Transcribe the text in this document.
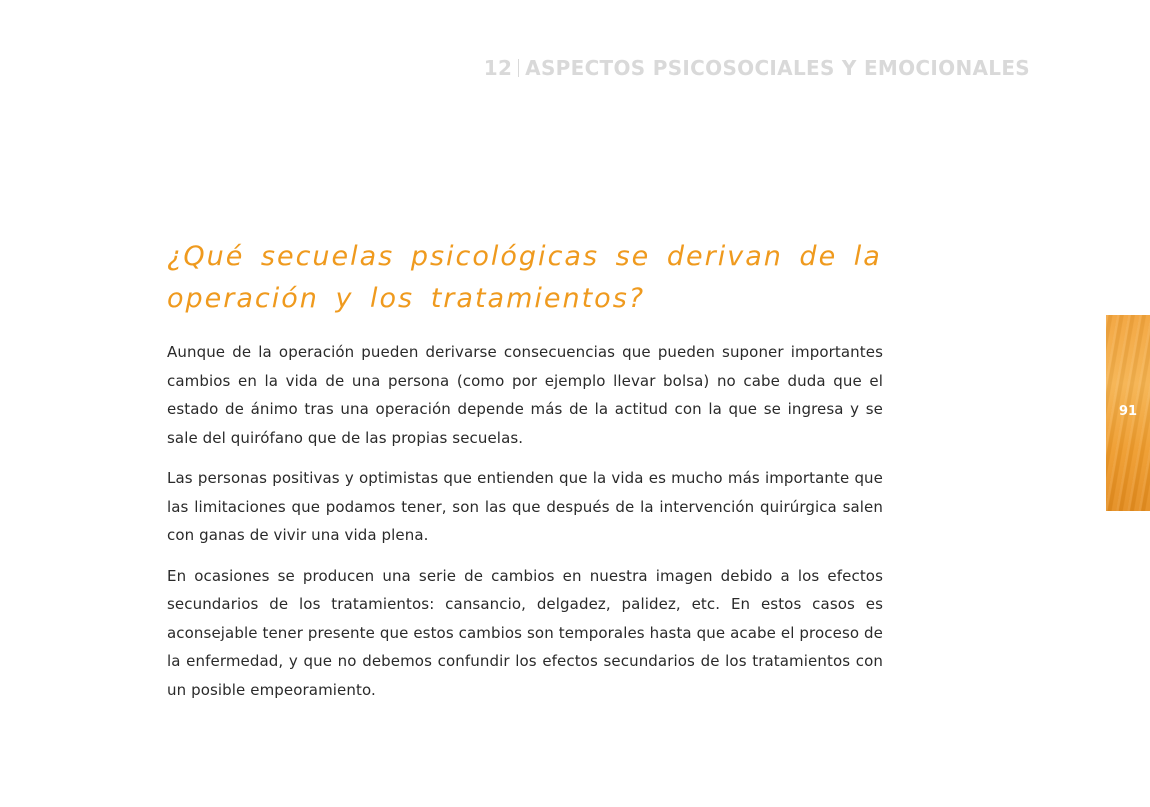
12 ASPECTOS PSICOSOCIALES Y EMOCIONALES
¿Qué secuelas psicológicas se derivan de la
operación y los tratamientos?

Aunque de la operación pueden derivarse consecuencias que pueden suponer importantes cambios en la vida de una persona (como por ejemplo llevar bolsa) no cabe duda que el estado de ánimo tras una operación depende más de la actitud con la que se ingresa y se sale del quirófano que de las propias secuelas.

Las personas positivas y optimistas que entienden que la vida es mucho más importante que las limitaciones que podamos tener, son las que después de la intervención quirúrgica salen con ganas de vivir una vida plena.

En ocasiones se producen una serie de cambios en nuestra imagen debido a los efectos secundarios de los tratamientos: cansancio, delgadez, palidez, etc. En estos casos es aconsejable tener presente que estos cambios son temporales hasta que acabe el proceso de la enfermedad, y que no debemos confundir los efectos secundarios de los tratamientos con un posible empeoramiento.

91
